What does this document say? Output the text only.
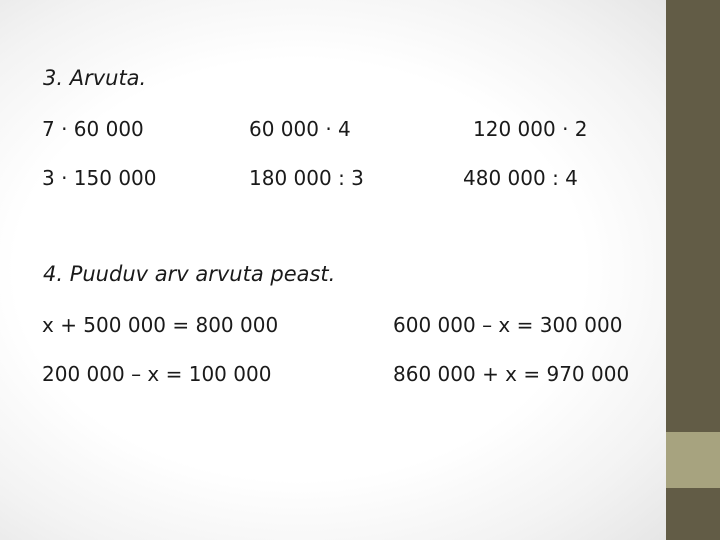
3. Arvuta.
7 · 60 000	60 000 · 4	120 000 · 2
3 · 150 000	180 000 : 3	480 000 : 4
4. Puuduv arv arvuta peast.
x + 500 000 = 800 000	600 000 – x = 300 000
200 000 – x = 100 000	860 000 + x = 970 000
